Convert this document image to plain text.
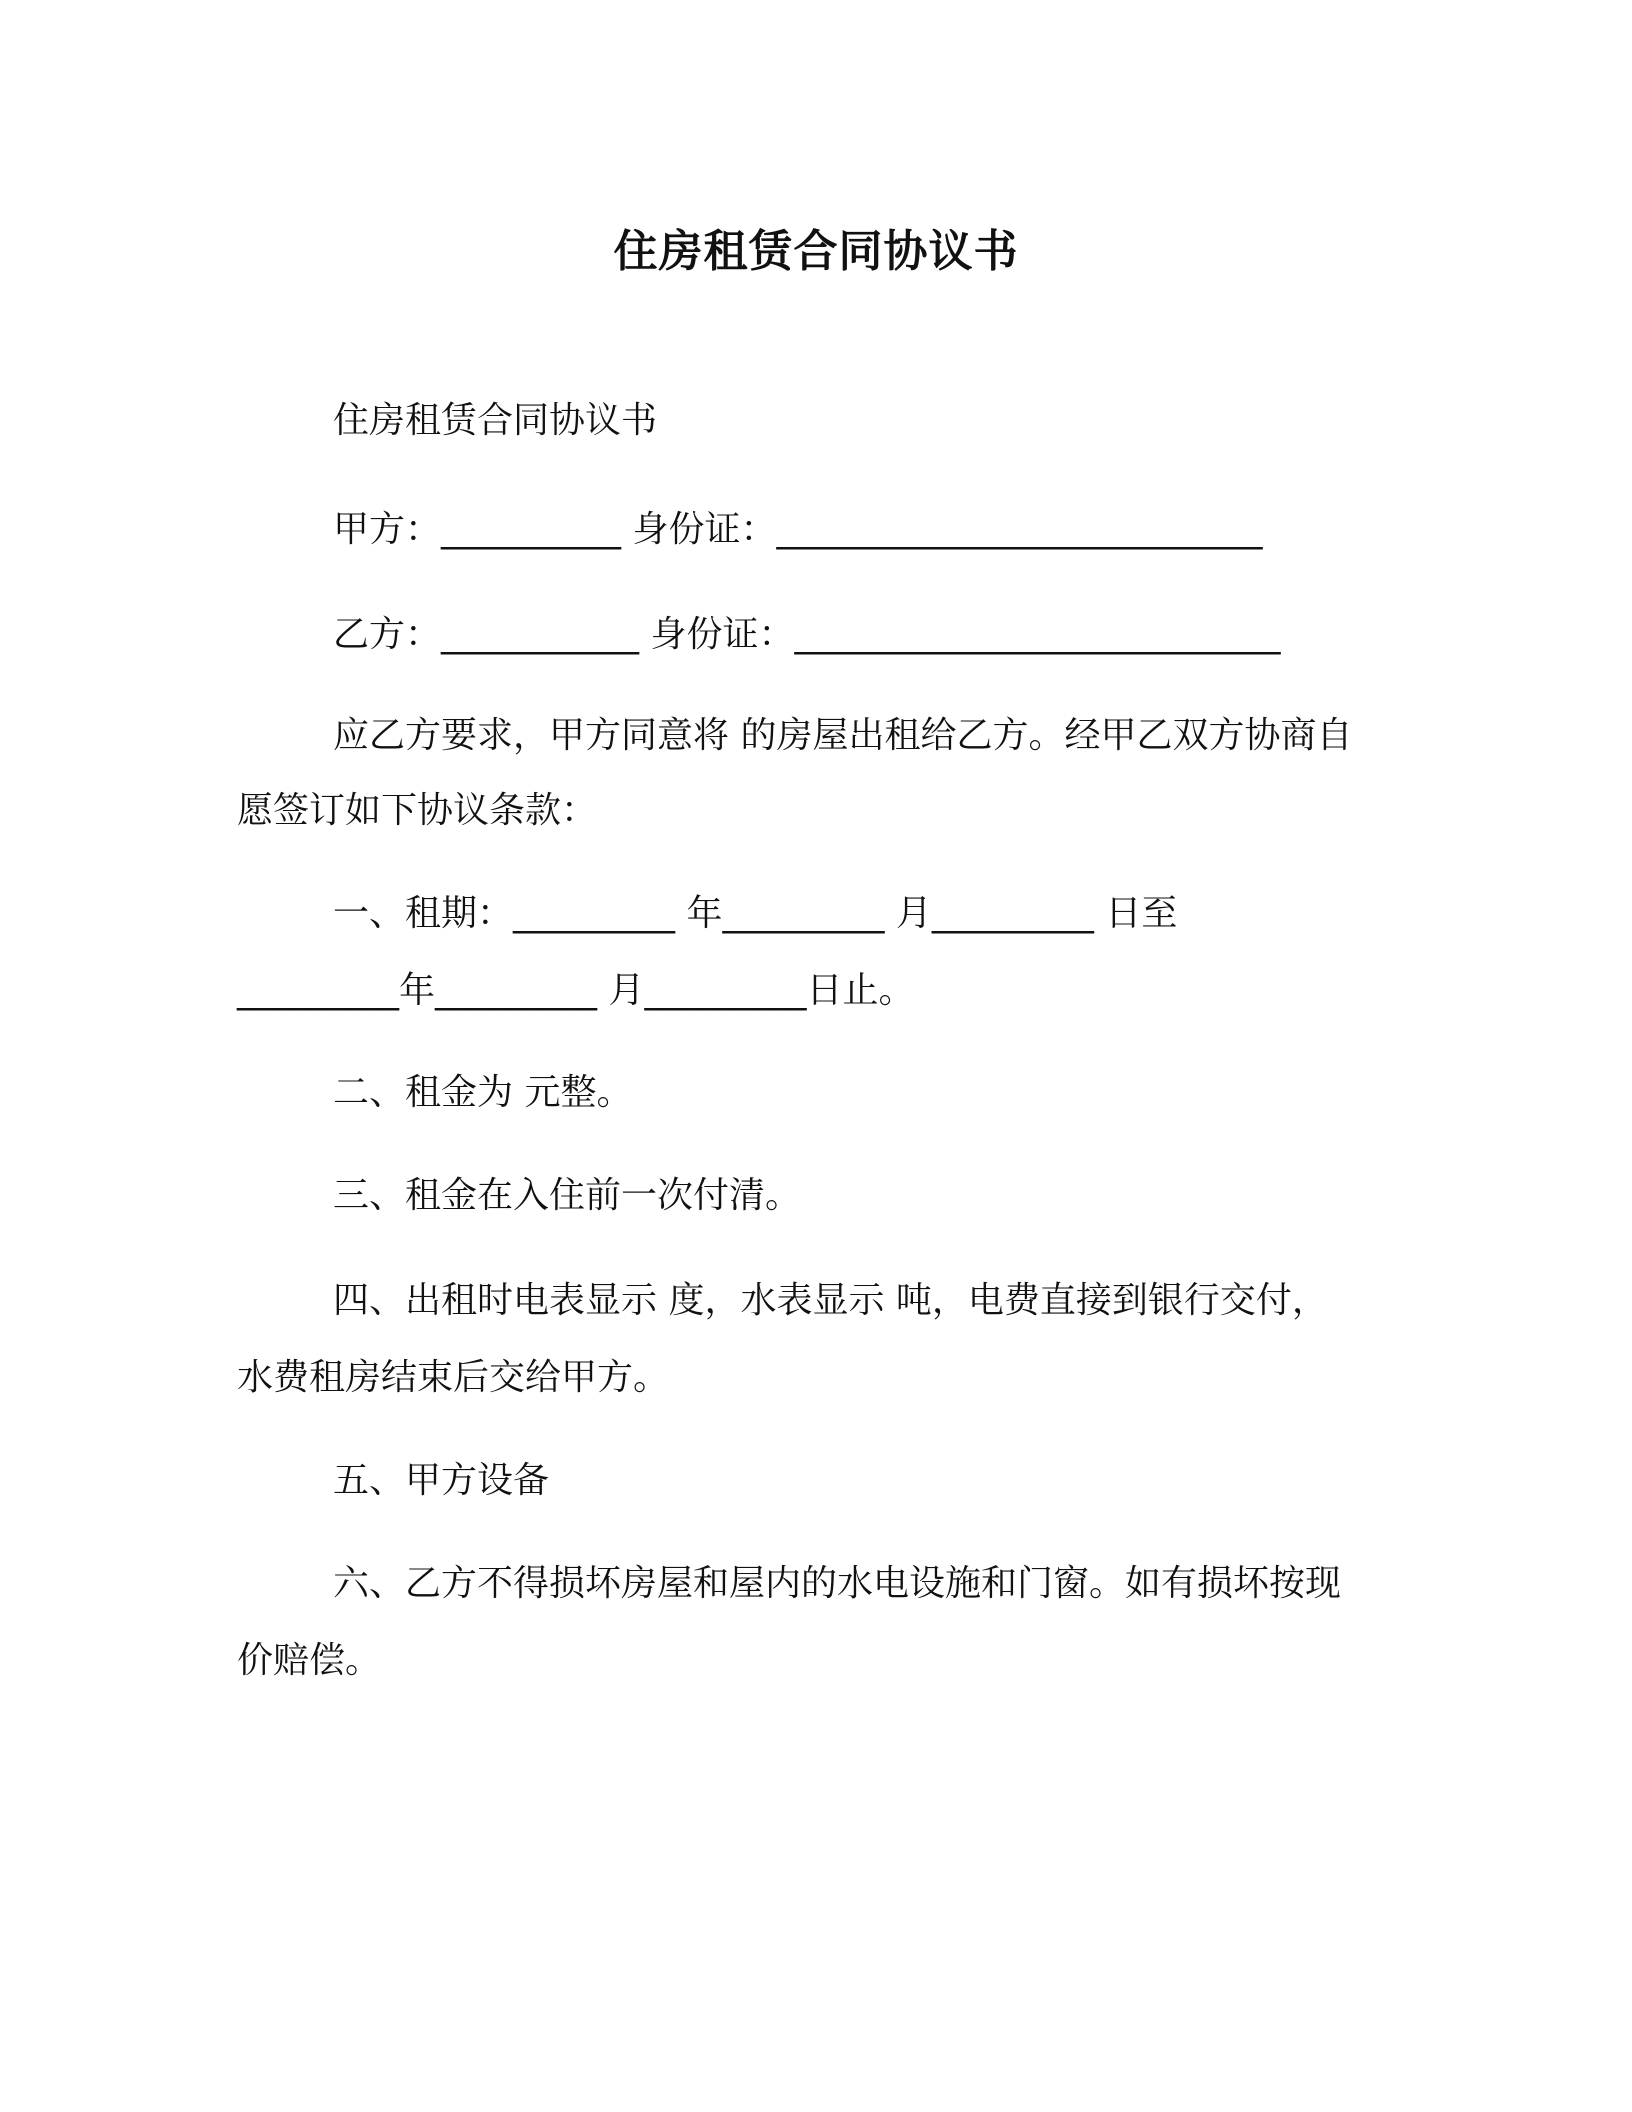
住房租赁合同协议书
住房租赁合同协议书
甲方：__________ 身份证：___________________________
乙方：___________ 身份证：___________________________
应乙方要求，甲方同意将 的房屋出租给乙方。经甲乙双方协商自
愿签订如下协议条款：
一、租期：_________ 年_________ 月_________ 日至
_________年_________ 月_________日止。
二、租金为 元整。
三、租金在入住前一次付清。
四、出租时电表显示 度，水表显示 吨，电费直接到银行交付，
水费租房结束后交给甲方。
五、甲方设备
六、乙方不得损坏房屋和屋内的水电设施和门窗。如有损坏按现
价赔偿。
